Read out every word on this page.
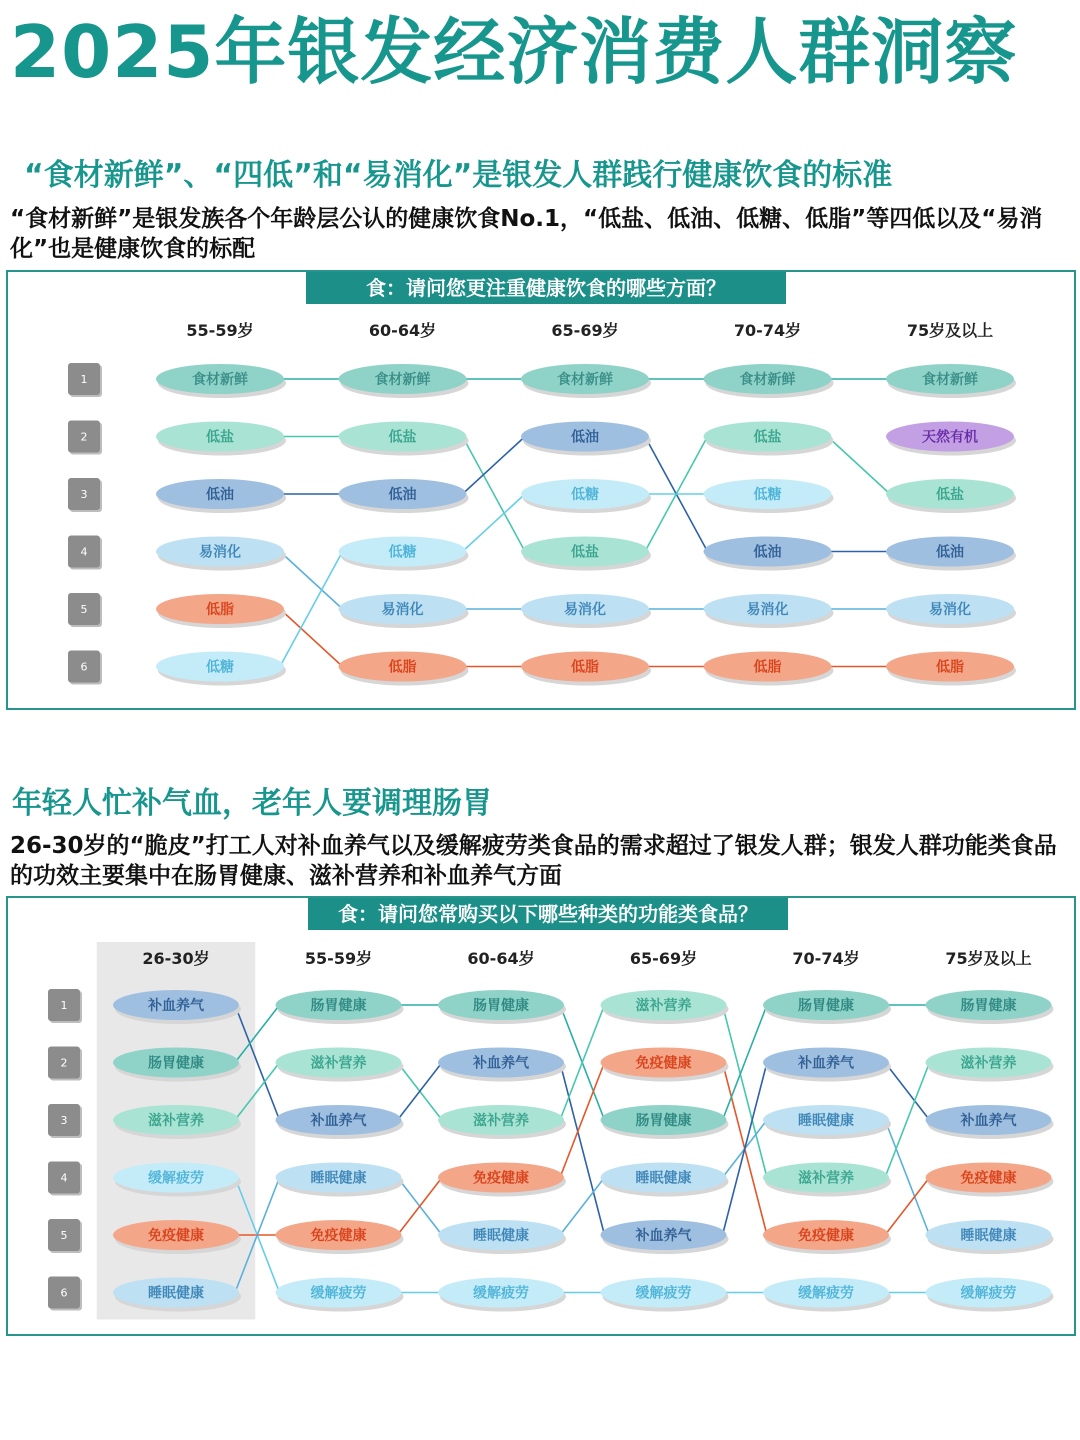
2025年银发经济消费人群洞察
“食材新鲜”、“四低”和“易消化”是银发人群践行健康饮食的标准
“食材新鲜”是银发族各个年龄层公认的健康饮食No.1，“低盐、低油、低糖、低脂”等四低以及“易消化”也是健康饮食的标配
食：请问您更注重健康饮食的哪些方面？
1
2
3
4
5
6
55-59岁
食材新鲜
低盐
低油
易消化
低脂
低糖
60-64岁
食材新鲜
低盐
低油
低糖
易消化
低脂
65-69岁
食材新鲜
低油
低糖
低盐
易消化
低脂
70-74岁
食材新鲜
低盐
低糖
低油
易消化
低脂
75岁及以上
食材新鲜
天然有机
低盐
低油
易消化
低脂
年轻人忙补气血，老年人要调理肠胃
26-30岁的“脆皮”打工人对补血养气以及缓解疲劳类食品的需求超过了银发人群；银发人群功能类食品的功效主要集中在肠胃健康、滋补营养和补血养气方面
食：请问您常购买以下哪些种类的功能类食品？
1
2
3
4
5
6
26-30岁
补血养气
肠胃健康
滋补营养
缓解疲劳
免疫健康
睡眠健康
55-59岁
肠胃健康
滋补营养
补血养气
睡眠健康
免疫健康
缓解疲劳
60-64岁
肠胃健康
补血养气
滋补营养
免疫健康
睡眠健康
缓解疲劳
65-69岁
滋补营养
免疫健康
肠胃健康
睡眠健康
补血养气
缓解疲劳
70-74岁
肠胃健康
补血养气
睡眠健康
滋补营养
免疫健康
缓解疲劳
75岁及以上
肠胃健康
滋补营养
补血养气
免疫健康
睡眠健康
缓解疲劳
